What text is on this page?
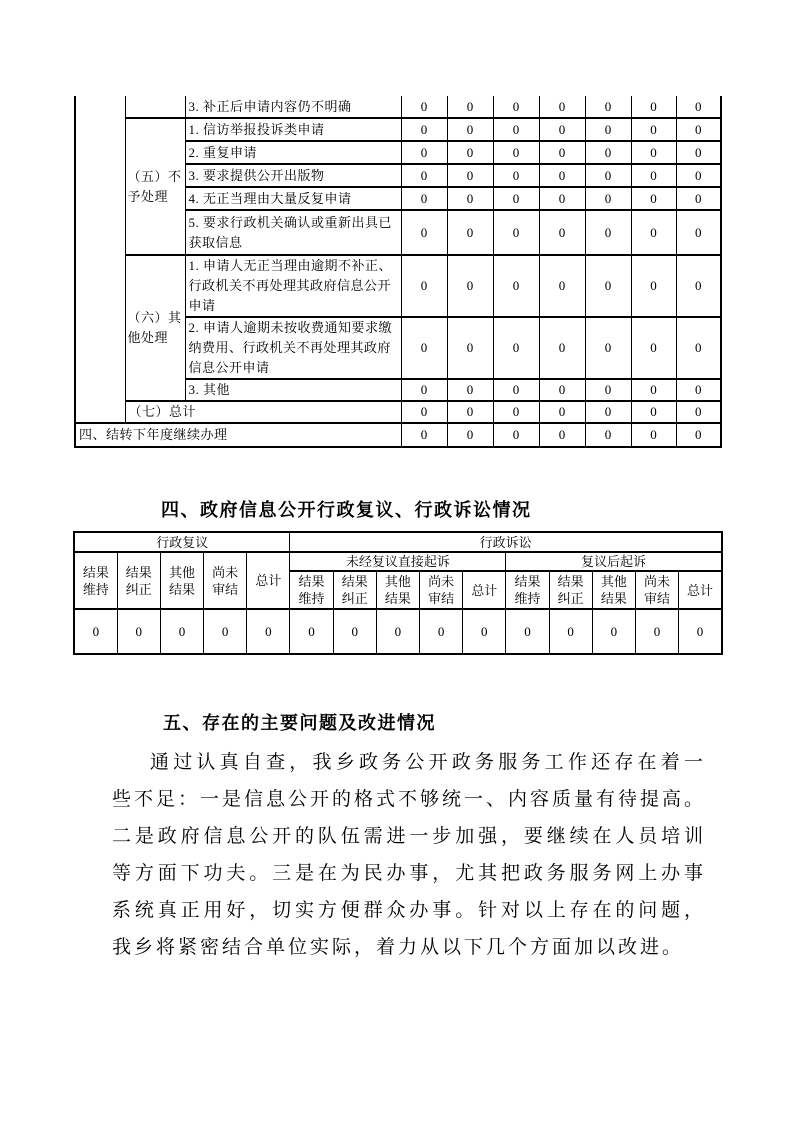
		3. 补正后申请内容仍不明确	0	0	0	0	0	0	0
	（五）不予处理	1. 信访举报投诉类申请	0	0	0	0	0	0	0
		2. 重复申请	0	0	0	0	0	0	0
		3. 要求提供公开出版物	0	0	0	0	0	0	0
		4. 无正当理由大量反复申请	0	0	0	0	0	0	0
		5. 要求行政机关确认或重新出具已获取信息	0	0	0	0	0	0	0
	（六）其他处理	1. 申请人无正当理由逾期不补正、行政机关不再处理其政府信息公开申请	0	0	0	0	0	0	0
		2. 申请人逾期未按收费通知要求缴纳费用、行政机关不再处理其政府信息公开申请	0	0	0	0	0	0	0
		3. 其他	0	0	0	0	0	0	0
	（七）总计		0	0	0	0	0	0	0
四、结转下年度继续办理			0	0	0	0	0	0	0
四、政府信息公开行政复议、行政诉讼情况
行政复议					行政诉讼									
结果维持	结果纠正	其他结果	尚未审结	总计	未经复议直接起诉					复议后起诉				
					结果维持	结果纠正	其他结果	尚未审结	总计	结果维持	结果纠正	其他结果	尚未审结	总计
0	0	0	0	0	0	0	0	0	0	0	0	0	0	0
五、存在的主要问题及改进情况
通过认真自查，我乡政务公开政务服务工作还存在着一
些不足：一是信息公开的格式不够统一、内容质量有待提高。
二是政府信息公开的队伍需进一步加强，要继续在人员培训
等方面下功夫。三是在为民办事，尤其把政务服务网上办事
系统真正用好，切实方便群众办事。针对以上存在的问题，
我乡将紧密结合单位实际，着力从以下几个方面加以改进。
